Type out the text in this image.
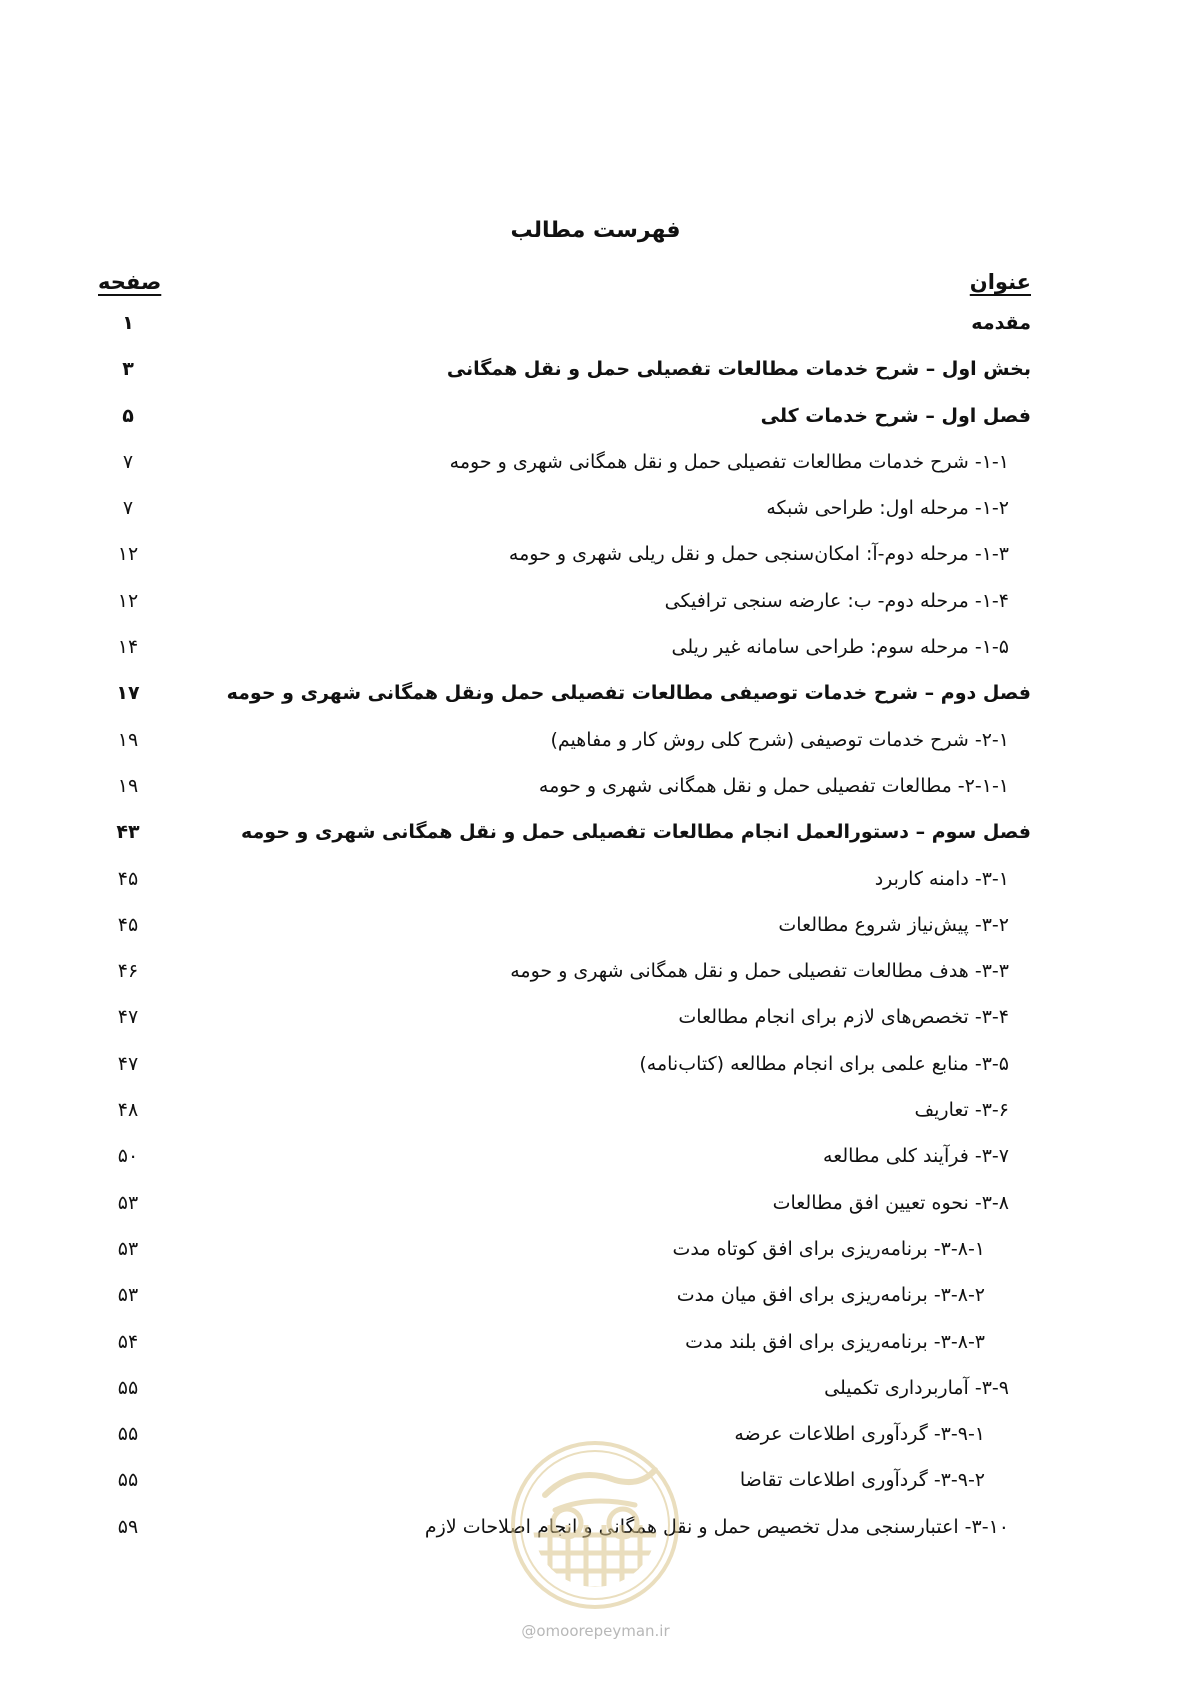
فهرست مطالب
عنوان
صفحه
مقدمه
۱
بخش اول – شرح خدمات مطالعات تفصیلی حمل و نقل همگانی
۳
فصل اول – شرح خدمات کلی
۵
۱-۱- شرح خدمات مطالعات تفصیلی حمل و نقل همگانی شهری و حومه
۷
۱-۲- مرحله اول: طراحی شبکه
۷
۱-۳- مرحله دوم-آ: امکان‌سنجی حمل و نقل ریلی شهری و حومه
۱۲
۱-۴- مرحله دوم- ب: عارضه سنجی ترافیکی
۱۲
۱-۵- مرحله سوم: طراحی سامانه غیر ریلی
۱۴
فصل دوم – شرح خدمات توصیفی مطالعات تفصیلی حمل ونقل همگانی شهری و حومه
۱۷
۲-۱- شرح خدمات توصیفی (شرح کلی روش کار و مفاهیم)
۱۹
۲-۱-۱- مطالعات تفصیلی حمل و نقل همگانی شهری و حومه
۱۹
فصل سوم – دستورالعمل انجام مطالعات تفصیلی حمل و نقل همگانی شهری و حومه
۴۳
۳-۱- دامنه کاربرد
۴۵
۳-۲- پیش‌نیاز شروع مطالعات
۴۵
۳-۳- هدف مطالعات تفصیلی حمل و نقل همگانی شهری و حومه
۴۶
۳-۴- تخصص‌های لازم برای انجام مطالعات
۴۷
۳-۵- منابع علمی برای انجام مطالعه (کتاب‌نامه)
۴۷
۳-۶- تعاریف
۴۸
۳-۷- فرآیند کلی مطالعه
۵۰
۳-۸- نحوه تعیین افق مطالعات
۵۳
۳-۸-۱- برنامه‌ریزی برای افق کوتاه مدت
۵۳
۳-۸-۲- برنامه‌ریزی برای افق میان مدت
۵۳
۳-۸-۳- برنامه‌ریزی برای افق بلند مدت
۵۴
۳-۹- آماربرداری تکمیلی
۵۵
۳-۹-۱- گردآوری اطلاعات عرضه
۵۵
۳-۹-۲- گردآوری اطلاعات تقاضا
۵۵
۳-۱۰- اعتبارسنجی مدل تخصیص حمل و نقل همگانی و انجام اصلاحات لازم
۵۹
@omoorepeyman.ir
